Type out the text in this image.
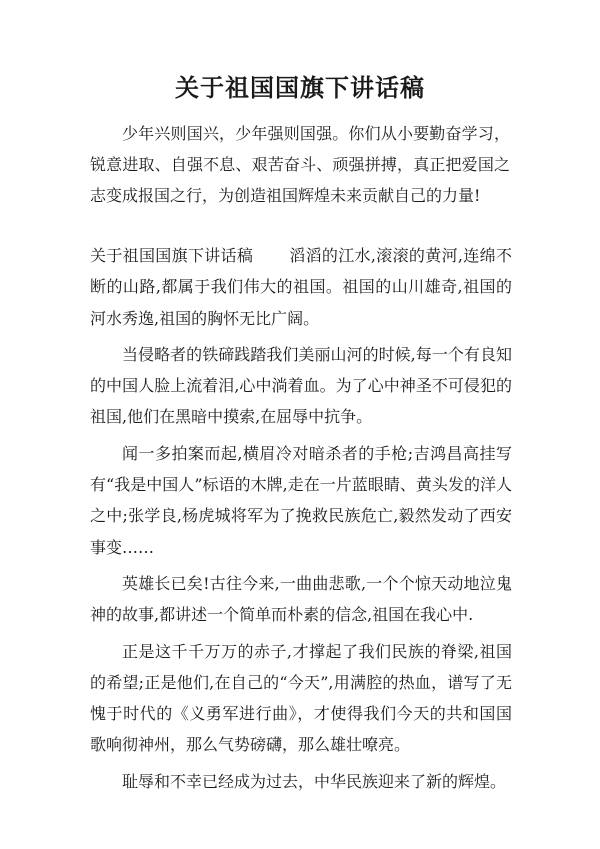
关于祖国国旗下讲话稿

少年兴则国兴，少年强则国强。你们从小要勤奋学习，锐意进取、自强不息、艰苦奋斗、顽强拼搏，真正把爱国之志变成报国之行，为创造祖国辉煌未来贡献自己的力量!

关于祖国国旗下讲话稿 滔滔的江水,滚滚的黄河,连绵不断的山路,都属于我们伟大的祖国。祖国的山川雄奇,祖国的河水秀逸,祖国的胸怀无比广阔。

当侵略者的铁碲践踏我们美丽山河的时候,每一个有良知的中国人脸上流着泪,心中淌着血。为了心中神圣不可侵犯的祖国,他们在黑暗中摸索,在屈辱中抗争。

闻一多拍案而起,横眉冷对暗杀者的手枪;吉鸿昌高挂写有“我是中国人”标语的木牌,走在一片蓝眼睛、黄头发的洋人之中;张学良,杨虎城将军为了挽救民族危亡,毅然发动了西安事变……

英雄长已矣!古往今来,一曲曲悲歌,一个个惊天动地泣鬼神的故事,都讲述一个简单而朴素的信念,祖国在我心中.

正是这千千万万的赤子,才撑起了我们民族的脊梁,祖国的希望;正是他们,在自己的“今天”,用满腔的热血，谱写了无愧于时代的《义勇军进行曲》，才使得我们今天的共和国国歌响彻神州，那么气势磅礴，那么雄壮嘹亮。

耻辱和不幸已经成为过去，中华民族迎来了新的辉煌。
